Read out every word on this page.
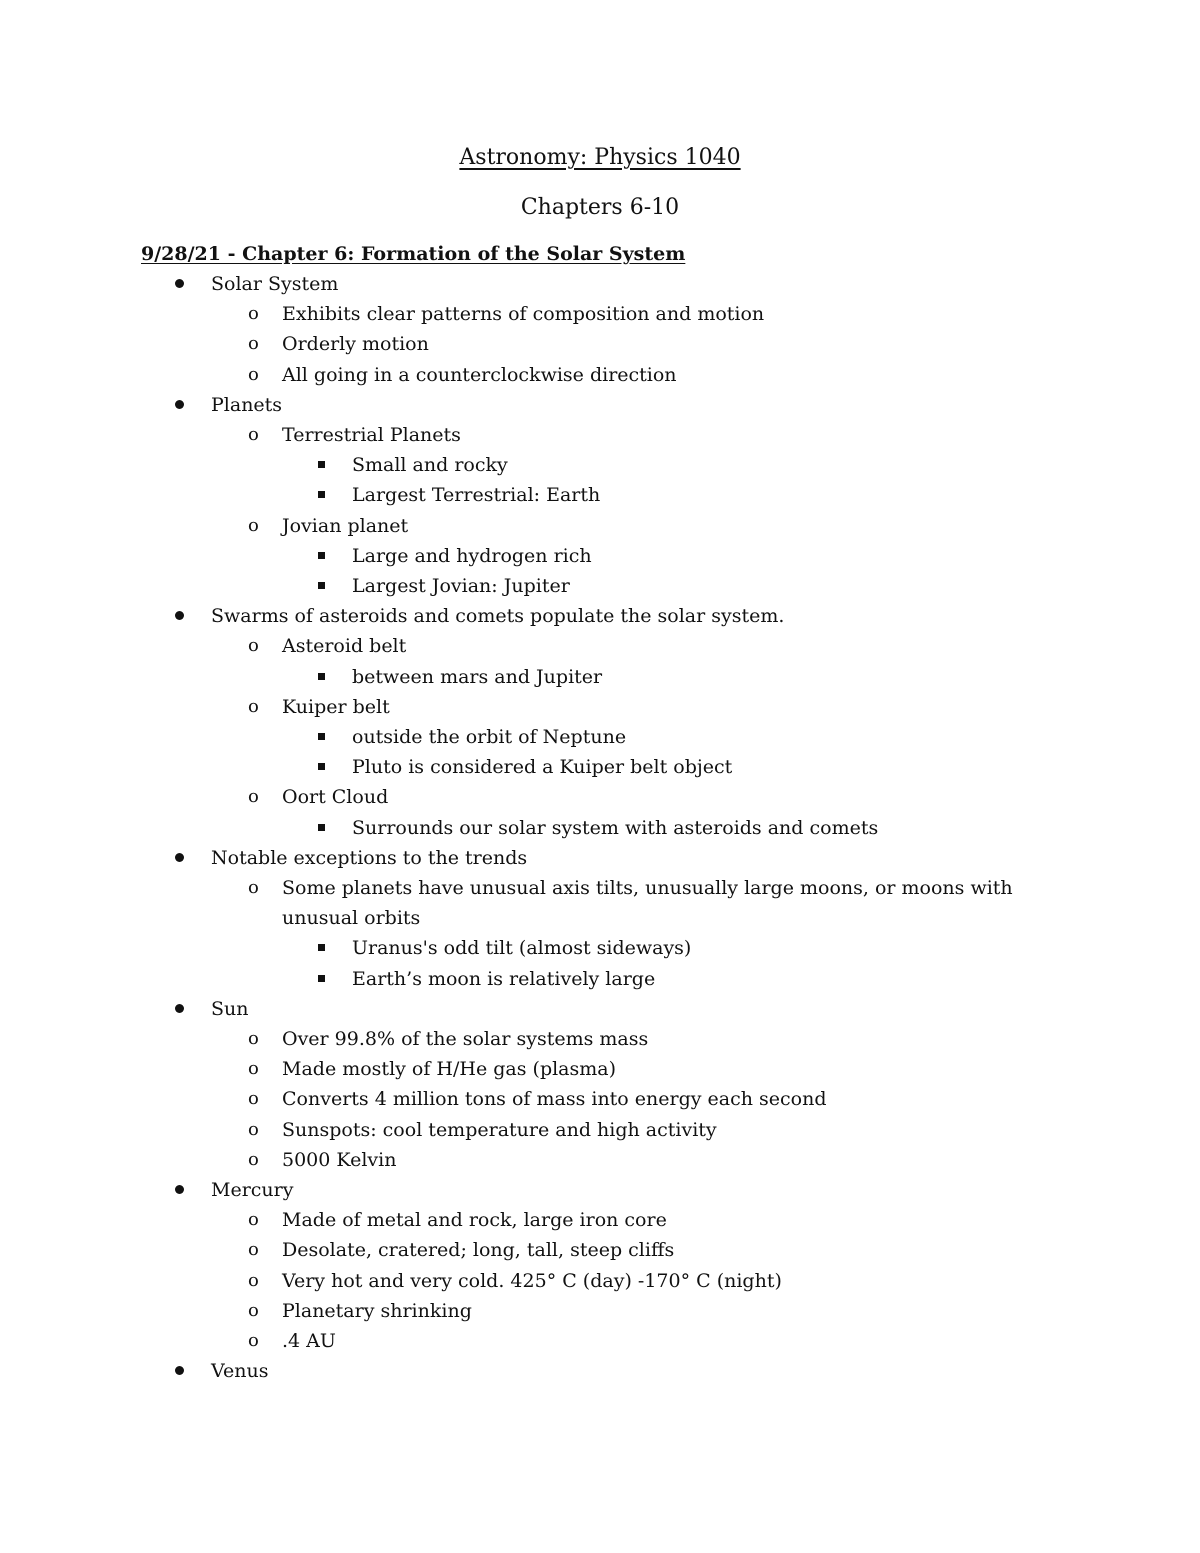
Astronomy: Physics 1040
Chapters 6-10
9/28/21 - Chapter 6: Formation of the Solar System
Solar System
o Exhibits clear patterns of composition and motion
o Orderly motion
o All going in a counterclockwise direction
Planets
o Terrestrial Planets
Small and rocky
Largest Terrestrial: Earth
o Jovian planet
Large and hydrogen rich
Largest Jovian: Jupiter
Swarms of asteroids and comets populate the solar system.
o Asteroid belt
between mars and Jupiter
o Kuiper belt
outside the orbit of Neptune
Pluto is considered a Kuiper belt object
o Oort Cloud
Surrounds our solar system with asteroids and comets
Notable exceptions to the trends
o Some planets have unusual axis tilts, unusually large moons, or moons with
unusual orbits
Uranus's odd tilt (almost sideways)
Earth’s moon is relatively large
Sun
o Over 99.8% of the solar systems mass
o Made mostly of H/He gas (plasma)
o Converts 4 million tons of mass into energy each second
o Sunspots: cool temperature and high activity
o 5000 Kelvin
Mercury
o Made of metal and rock, large iron core
o Desolate, cratered; long, tall, steep cliffs
o Very hot and very cold. 425° C (day) -170° C (night)
o Planetary shrinking
o .4 AU
Venus
